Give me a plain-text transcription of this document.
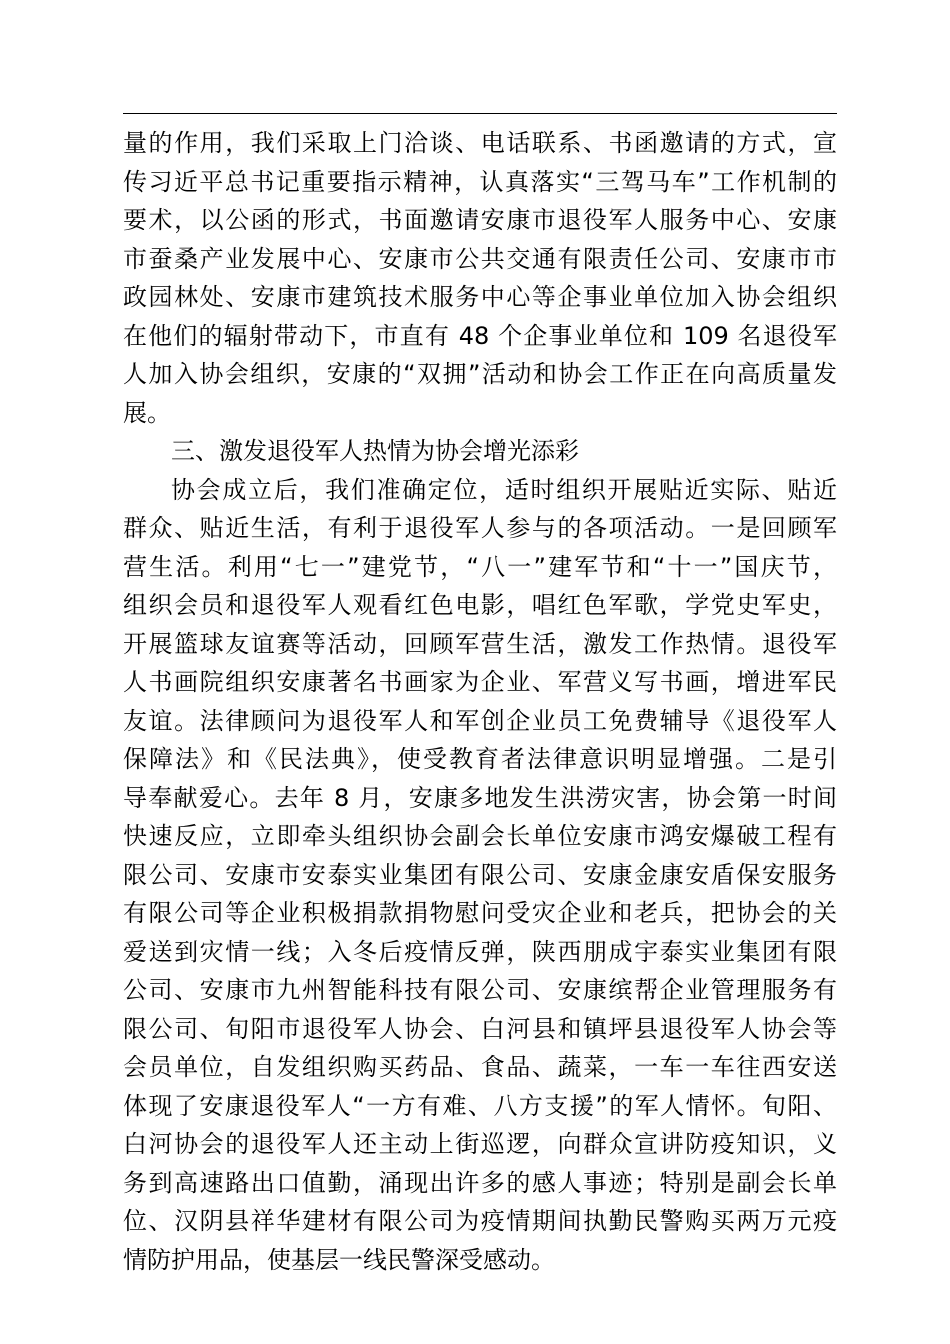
量的作用，我们采取上门洽谈、电话联系、书函邀请的方式，宣
传习近平总书记重要指示精神，认真落实“三驾马车”工作机制的
要术，以公函的形式，书面邀请安康市退役军人服务中心、安康
市蚕桑产业发展中心、安康市公共交通有限责任公司、安康市市
政园林处、安康市建筑技术服务中心等企事业单位加入协会组织
在他们的辐射带动下，市直有 48 个企事业单位和 109 名退役军
人加入协会组织，安康的“双拥”活动和协会工作正在向高质量发
展。
三、激发退役军人热情为协会增光添彩
协会成立后，我们准确定位，适时组织开展贴近实际、贴近
群众、贴近生活，有利于退役军人参与的各项活动。一是回顾军
营生活。利用“七一”建党节，“八一”建军节和“十一”国庆节，
组织会员和退役军人观看红色电影，唱红色军歌，学党史军史，
开展篮球友谊赛等活动，回顾军营生活，激发工作热情。退役军
人书画院组织安康著名书画家为企业、军营义写书画，增进军民
友谊。法律顾问为退役军人和军创企业员工免费辅导《退役军人
保障法》和《民法典》，使受教育者法律意识明显增强。二是引
导奉献爱心。去年 8 月，安康多地发生洪涝灾害，协会第一时间
快速反应，立即牵头组织协会副会长单位安康市鸿安爆破工程有
限公司、安康市安泰实业集团有限公司、安康金康安盾保安服务
有限公司等企业积极捐款捐物慰问受灾企业和老兵，把协会的关
爱送到灾情一线；入冬后疫情反弹，陕西朋成宇泰实业集团有限
公司、安康市九州智能科技有限公司、安康缤帮企业管理服务有
限公司、旬阳市退役军人协会、白河县和镇坪县退役军人协会等
会员单位，自发组织购买药品、食品、蔬菜，一车一车往西安送
体现了安康退役军人“一方有难、八方支援”的军人情怀。旬阳、
白河协会的退役军人还主动上街巡逻，向群众宣讲防疫知识，义
务到高速路出口值勤，涌现出许多的感人事迹；特别是副会长单
位、汉阴县祥华建材有限公司为疫情期间执勤民警购买两万元疫
情防护用品，使基层一线民警深受感动。
